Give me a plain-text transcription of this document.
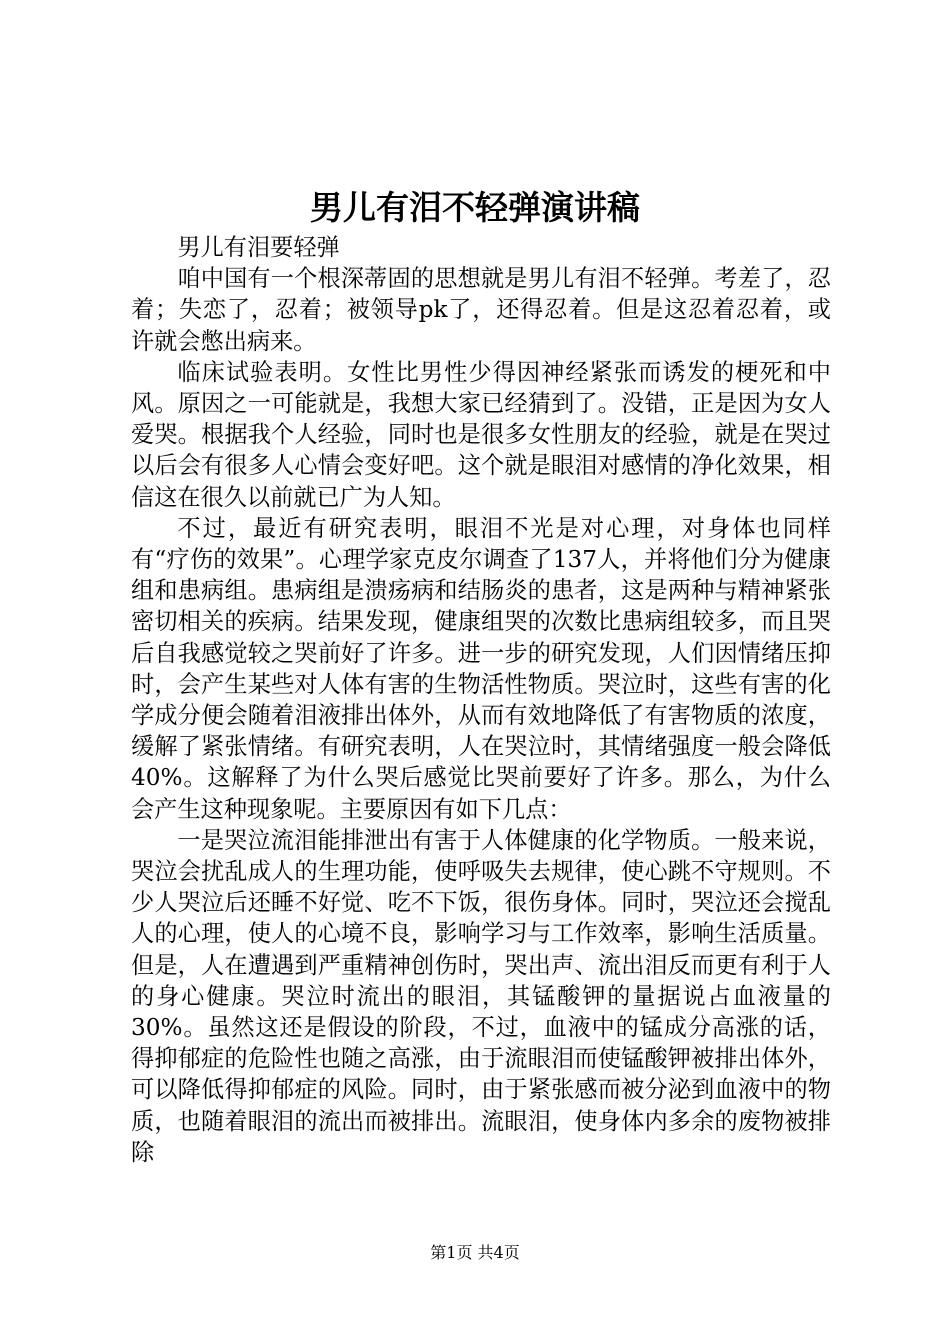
男儿有泪不轻弹演讲稿

男儿有泪要轻弹

咱中国有一个根深蒂固的思想就是男儿有泪不轻弹。考差了，忍着；失恋了，忍着；被领导pk了，还得忍着。但是这忍着忍着，或许就会憋出病来。

临床试验表明。女性比男性少得因神经紧张而诱发的梗死和中风。原因之一可能就是，我想大家已经猜到了。没错，正是因为女人爱哭。根据我个人经验，同时也是很多女性朋友的经验，就是在哭过以后会有很多人心情会变好吧。这个就是眼泪对感情的净化效果，相信这在很久以前就已广为人知。

不过，最近有研究表明，眼泪不光是对心理，对身体也同样有“疗伤的效果”。心理学家克皮尔调查了137人，并将他们分为健康组和患病组。患病组是溃疡病和结肠炎的患者，这是两种与精神紧张密切相关的疾病。结果发现，健康组哭的次数比患病组较多，而且哭后自我感觉较之哭前好了许多。进一步的研究发现，人们因情绪压抑时，会产生某些对人体有害的生物活性物质。哭泣时，这些有害的化学成分便会随着泪液排出体外，从而有效地降低了有害物质的浓度，缓解了紧张情绪。有研究表明，人在哭泣时，其情绪强度一般会降低40%。这解释了为什么哭后感觉比哭前要好了许多。那么，为什么会产生这种现象呢。主要原因有如下几点：

一是哭泣流泪能排泄出有害于人体健康的化学物质。一般来说，哭泣会扰乱成人的生理功能，使呼吸失去规律，使心跳不守规则。不少人哭泣后还睡不好觉、吃不下饭，很伤身体。同时，哭泣还会搅乱人的心理，使人的心境不良，影响学习与工作效率，影响生活质量。但是，人在遭遇到严重精神创伤时，哭出声、流出泪反而更有利于人的身心健康。哭泣时流出的眼泪，其锰酸钾的量据说占血液量的30%。虽然这还是假设的阶段，不过，血液中的锰成分高涨的话，得抑郁症的危险性也随之高涨，由于流眼泪而使锰酸钾被排出体外，可以降低得抑郁症的风险。同时，由于紧张感而被分泌到血液中的物质，也随着眼泪的流出而被排出。流眼泪，使身体内多余的废物被排除

第1页 共4页
